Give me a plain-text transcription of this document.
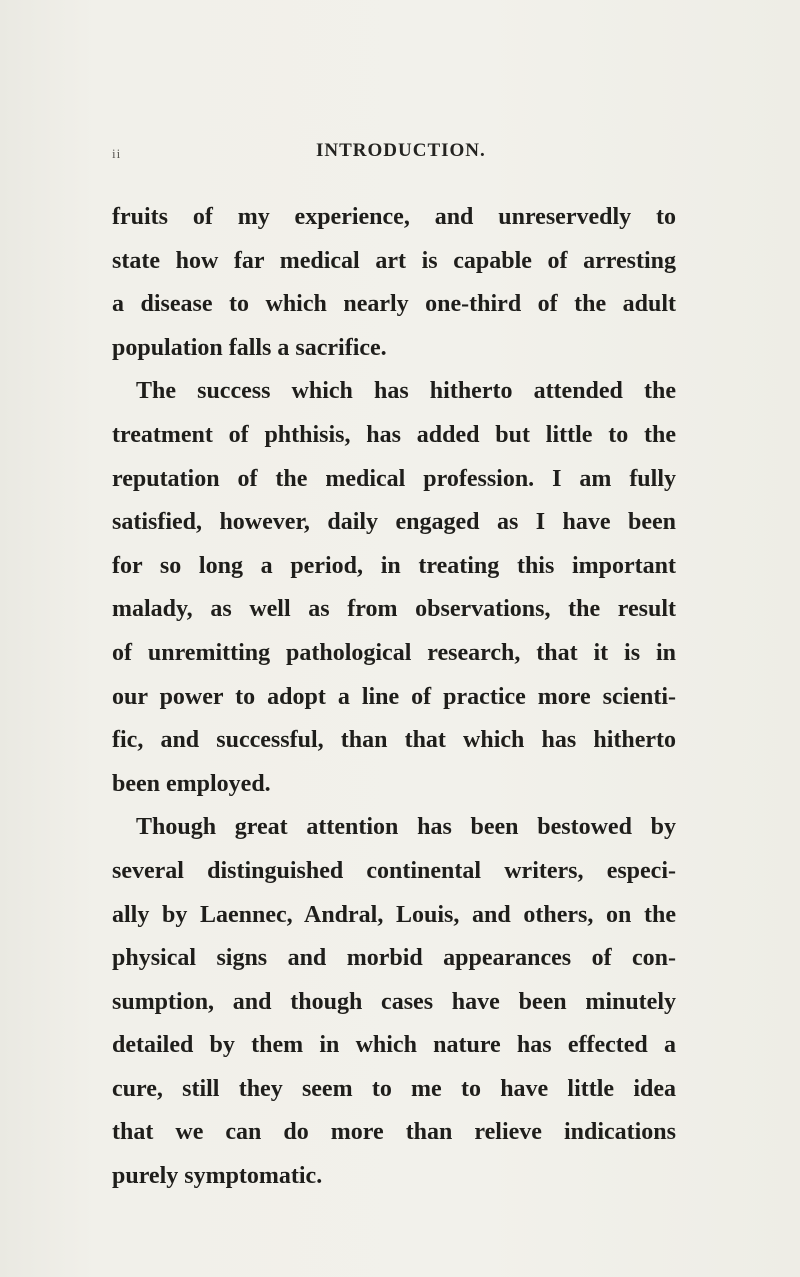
ii	INTRODUCTION.
fruits of my experience, and unreservedly to
state how far medical art is capable of arresting
a disease to which nearly one-third of the adult
population falls a sacrifice.
The success which has hitherto attended the
treatment of phthisis, has added but little to the
reputation of the medical profession. I am fully
satisfied, however, daily engaged as I have been
for so long a period, in treating this important
malady, as well as from observations, the result
of unremitting pathological research, that it is in
our power to adopt a line of practice more scienti-
fic, and successful, than that which has hitherto
been employed.
Though great attention has been bestowed by
several distinguished continental writers, especi-
ally by Laennec, Andral, Louis, and others, on the
physical signs and morbid appearances of con-
sumption, and though cases have been minutely
detailed by them in which nature has effected a
cure, still they seem to me to have little idea
that we can do more than relieve indications
purely symptomatic.
